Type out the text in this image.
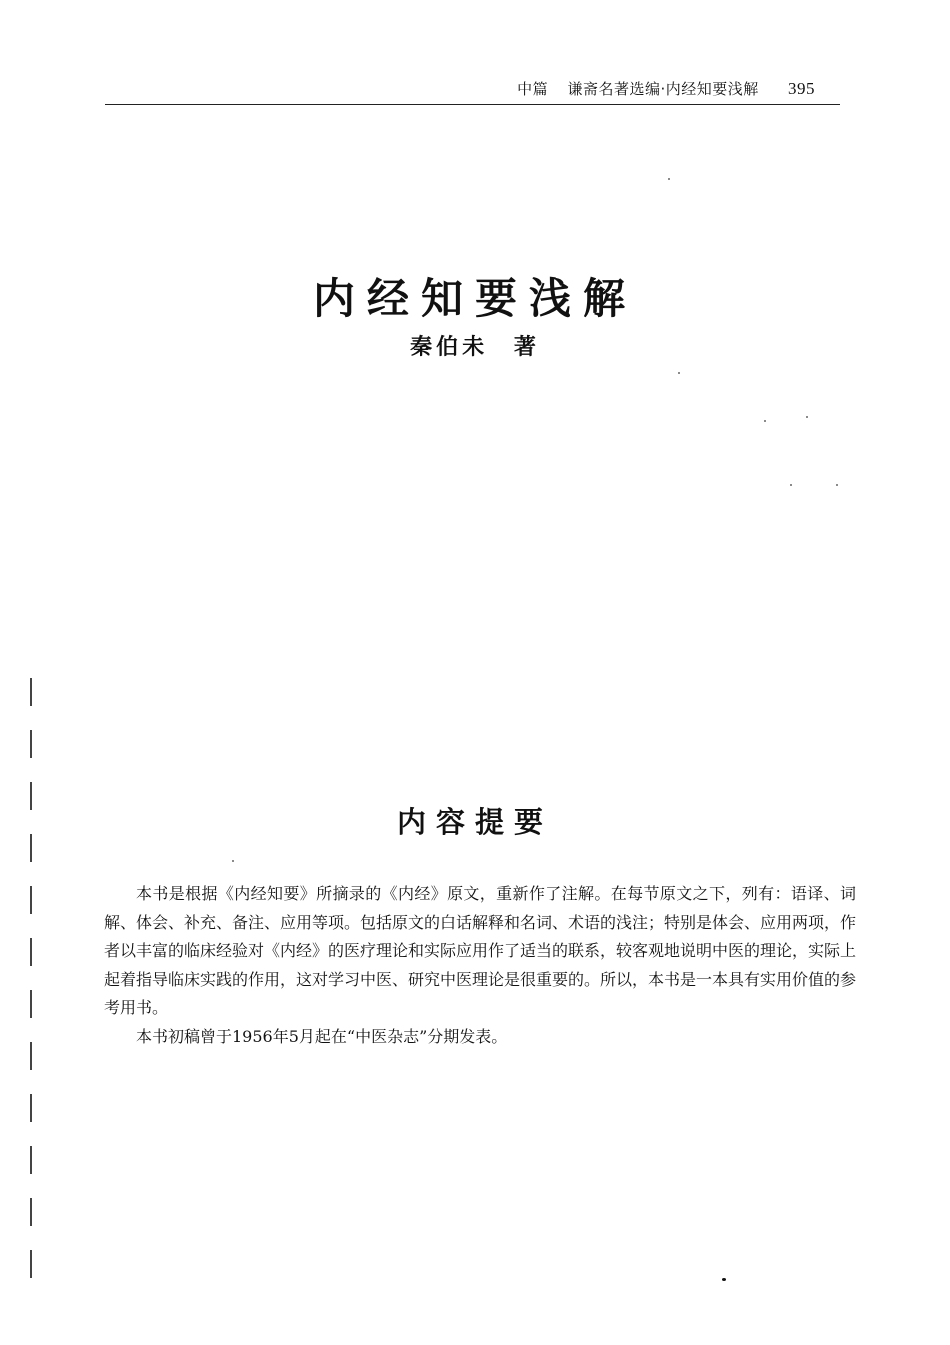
中篇 谦斋名著选编·内经知要浅解 395
内经知要浅解
秦伯未 著
内容提要

本书是根据《内经知要》所摘录的《内经》原文，重新作了注解。在每节原文之下，列有：语译、词解、体会、补充、备注、应用等项。包括原文的白话解释和名词、术语的浅注；特别是体会、应用两项，作者以丰富的临床经验对《内经》的医疗理论和实际应用作了适当的联系，较客观地说明中医的理论，实际上起着指导临床实践的作用，这对学习中医、研究中医理论是很重要的。所以，本书是一本具有实用价值的参考用书。

本书初稿曾于1956年5月起在“中医杂志”分期发表。
